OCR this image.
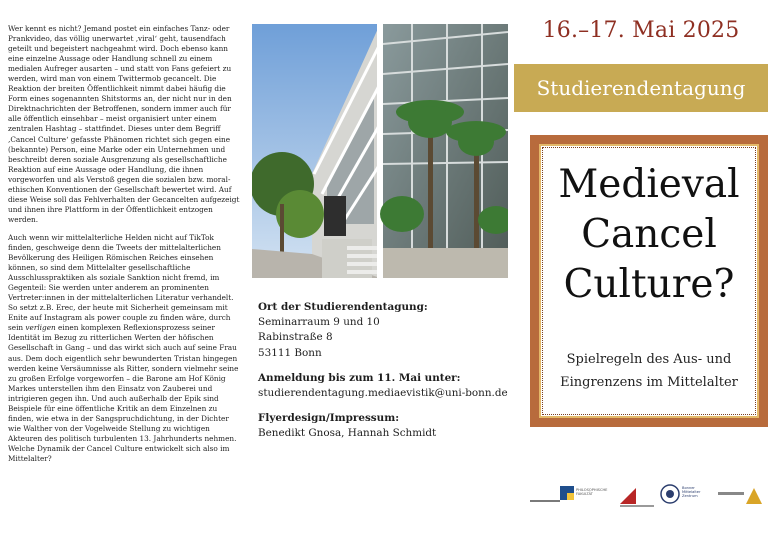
Wer kennt es nicht? Jemand postet ein einfaches Tanz- oder Prankvideo, das völlig unerwartet ‚viral‘ geht, tausendfach geteilt und begeistert nachgeahmt wird. Doch ebenso kann eine einzelne Aussage oder Handlung schnell zu einem medialen Aufreger ausarten – und statt von Fans gefeiert zu werden, wird man von einem Twittermob gecancelt. Die Reaktion der breiten Öffentlichkeit nimmt dabei häufig die Form eines sogenannten Shitstorms an, der nicht nur in den Direktnachrichten der Betroffenen, sondern immer auch für alle öffentlich einsehbar – meist organisiert unter einem zentralen Hashtag – stattfindet. Dieses unter dem Begriff ‚Cancel Culture‘ gefasste Phänomen richtet sich gegen eine (bekannte) Person, eine Marke oder ein Unternehmen und beschreibt deren soziale Ausgrenzung als gesellschaftliche Reaktion auf eine Aussage oder Handlung, die ihnen vorgeworfen und als Verstoß gegen die sozialen bzw. moral-ethischen Konventionen der Gesellschaft bewertet wird. Auf diese Weise soll das Fehlverhalten der Gecancelten aufgezeigt und ihnen ihre Plattform in der Öffentlichkeit entzogen werden.

Auch wenn wir mittelalterliche Helden nicht auf TikTok finden, geschweige denn die Tweets der mittelalterlichen Bevölkerung des Heiligen Römischen Reiches einsehen können, so sind dem Mittelalter gesellschaftliche Ausschlusspraktiken als soziale Sanktion nicht fremd, im Gegenteil: Sie werden unter anderem an prominenten Vertreter:innen in der mittelalterlichen Literatur verhandelt. So setzt z.B. Erec, der heute mit Sicherheit gemeinsam mit Enite auf Instagram als power couple zu finden wäre, durch sein verligen einen komplexen Reflexionsprozess seiner Identität im Bezug zu ritterlichen Werten der höfischen Gesellschaft in Gang – und das wirkt sich auch auf seine Frau aus. Dem doch eigentlich sehr bewunderten Tristan hingegen werden keine Versäumnisse als Ritter, sondern vielmehr seine zu großen Erfolge vorgeworfen – die Barone am Hof König Markes unterstellen ihm den Einsatz von Zauberei und intrigieren gegen ihn. Und auch außerhalb der Epik sind Beispiele für eine öffentliche Kritik an dem Einzelnen zu finden, wie etwa in der Sangspruchdichtung, in der Dichter wie Walther von der Vogelweide Stellung zu wichtigen Akteuren des politisch turbulenten 13. Jahrhunderts nehmen. Welche Dynamik der Cancel Culture entwickelt sich also im Mittelalter?

Ort der Studierendentagung:
Seminarraum 9 und 10
Rabinstraße 8
53111 Bonn
Anmeldung bis zum 11. Mai unter:
studierendentagung.mediaevistik@uni-bonn.de
Flyerdesign/Impressum:
Benedikt Gnosa, Hannah Schmidt
16.–17. Mai 2025
Studierendentagung
Medieval
Cancel
Culture?
Spielregeln des Aus- und
Eingrenzens im Mittelalter
PHILOSOPHISCHE FAKULTÄT
Bonner Mittelalter Zentrum
